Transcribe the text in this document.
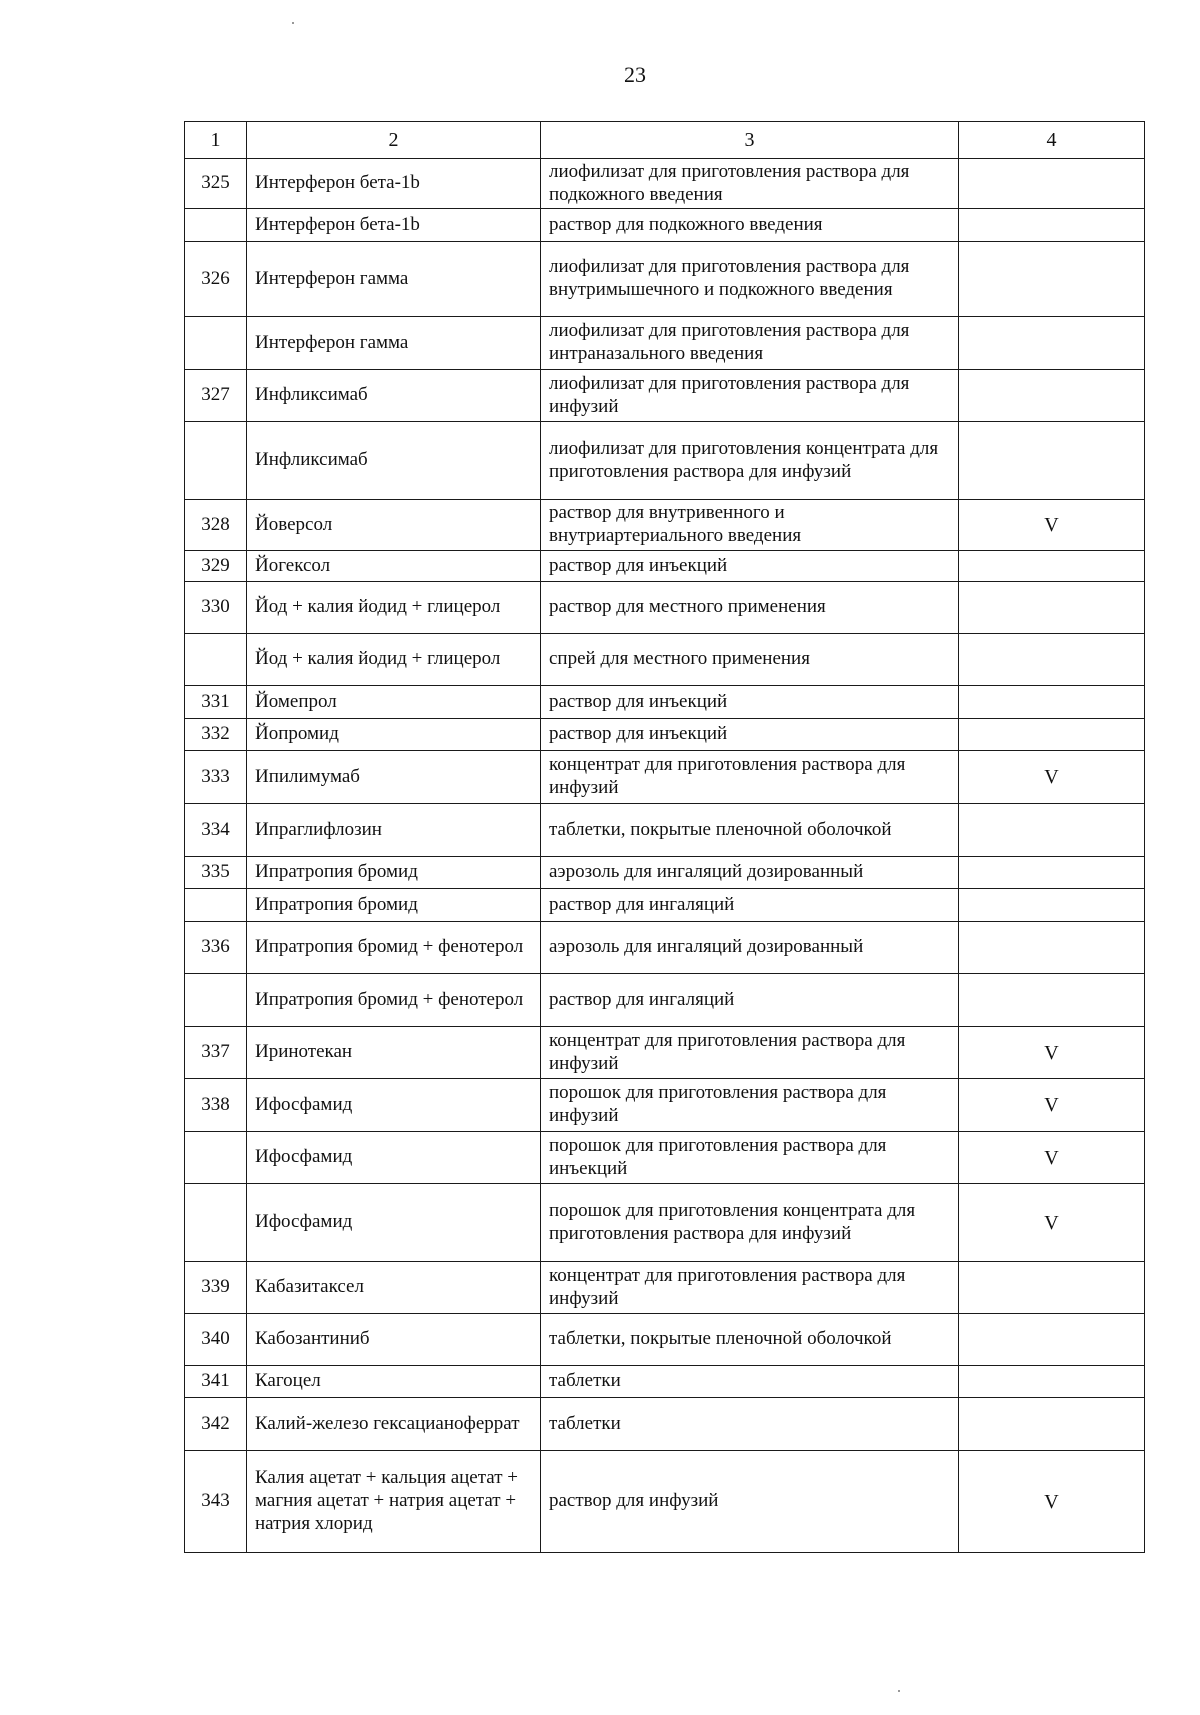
23
1	2	3	4
325	Интерферон бета-1b	лиофилизат для приготовления раствора для подкожного введения	
	Интерферон бета-1b	раствор для подкожного введения	
326	Интерферон гамма	лиофилизат для приготовления раствора для внутримышечного и подкожного введения	
	Интерферон гамма	лиофилизат для приготовления раствора для интраназального введения	
327	Инфликсимаб	лиофилизат для приготовления раствора для инфузий	
	Инфликсимаб	лиофилизат для приготовления концентрата для приготовления раствора для инфузий	
328	Йоверсол	раствор для внутривенного и внутриартериального введения	V
329	Йогексол	раствор для инъекций	
330	Йод + калия йодид + глицерол	раствор для местного применения	
	Йод + калия йодид + глицерол	спрей для местного применения	
331	Йомепрол	раствор для инъекций	
332	Йопромид	раствор для инъекций	
333	Ипилимумаб	концентрат для приготовления раствора для инфузий	V
334	Ипраглифлозин	таблетки, покрытые пленочной оболочкой	
335	Ипратропия бромид	аэрозоль для ингаляций дозированный	
	Ипратропия бромид	раствор для ингаляций	
336	Ипратропия бромид + фенотерол	аэрозоль для ингаляций дозированный	
	Ипратропия бромид + фенотерол	раствор для ингаляций	
337	Иринотекан	концентрат для приготовления раствора для инфузий	V
338	Ифосфамид	порошок для приготовления раствора для инфузий	V
	Ифосфамид	порошок для приготовления раствора для инъекций	V
	Ифосфамид	порошок для приготовления концентрата для приготовления раствора для инфузий	V
339	Кабазитаксел	концентрат для приготовления раствора для инфузий	
340	Кабозантиниб	таблетки, покрытые пленочной оболочкой	
341	Кагоцел	таблетки	
342	Калий-железо гексацианоферрат	таблетки	
343	Калия ацетат + кальция ацетат + магния ацетат + натрия ацетат + натрия хлорид	раствор для инфузий	V
